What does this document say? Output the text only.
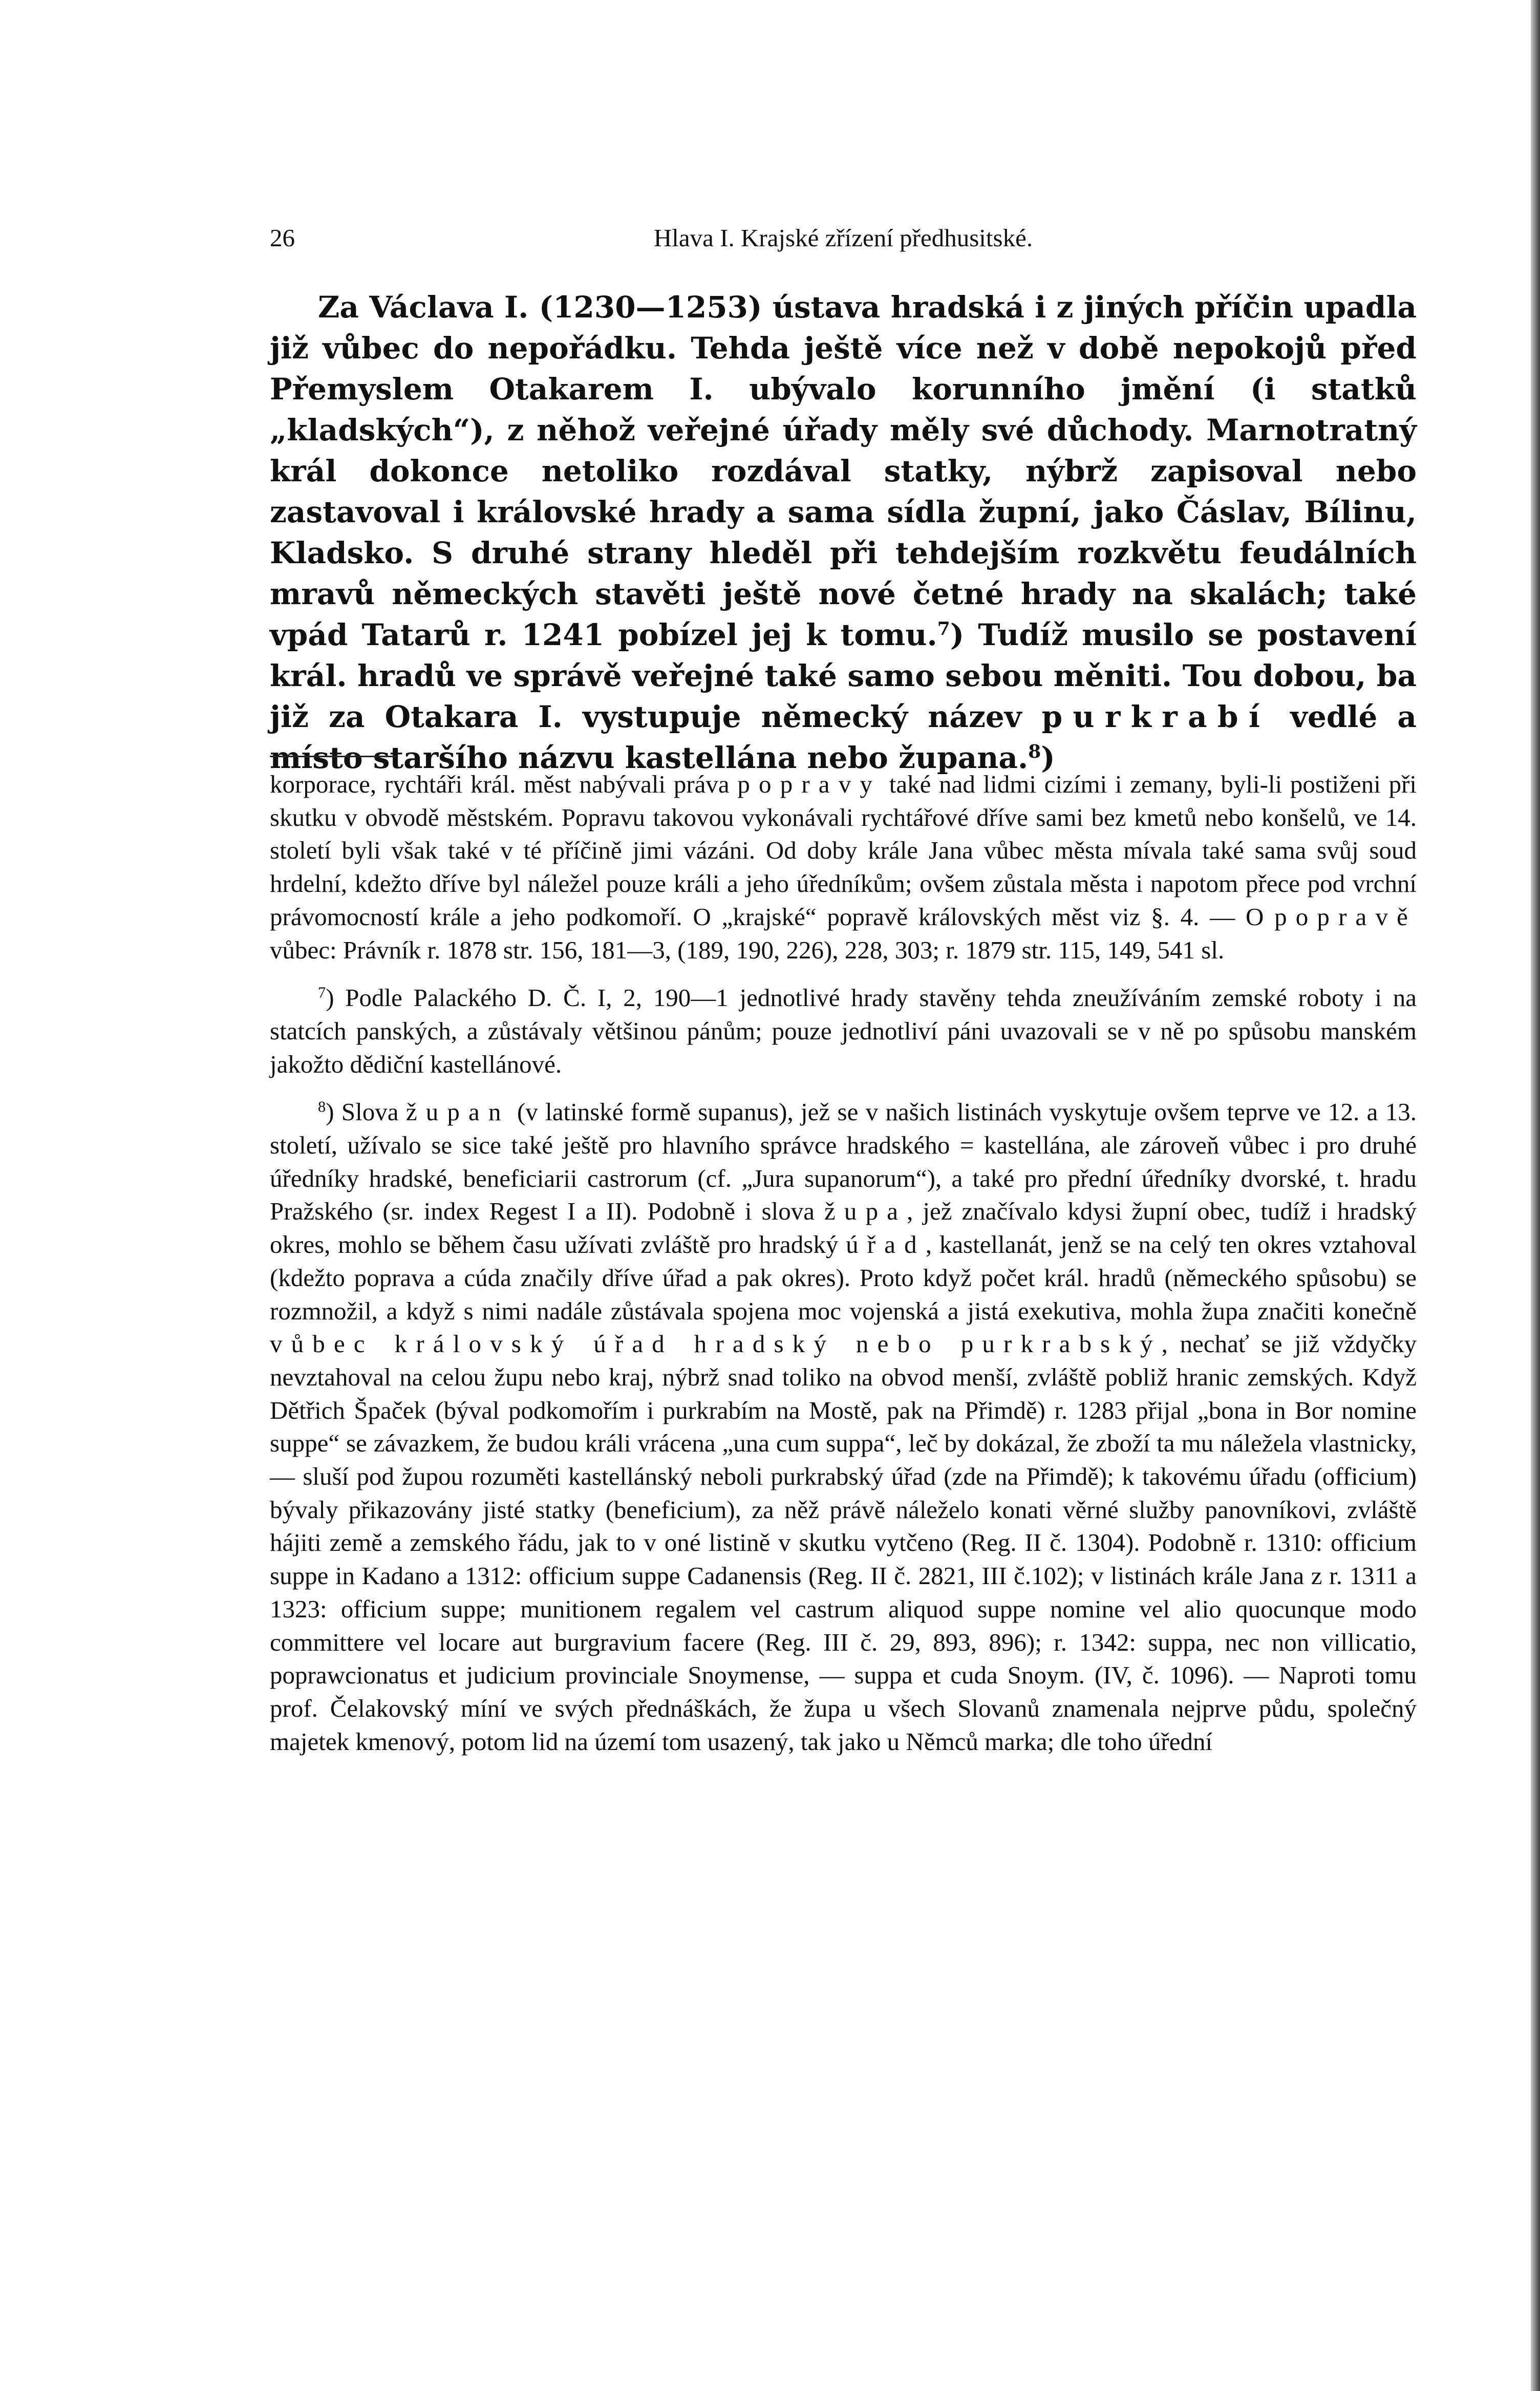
26	Hlava I. Krajské zřízení předhusitské.

Za Václava I. (1230—1253) ústava hradská i z jiných příčin upadla již vůbec do nepořádku. Tehda ještě více než v době nepokojů před Přemyslem Otakarem I. ubývalo korunního jmění (i statků „kladských“), z něhož veřejné úřady měly své důchody. Marnotratný král dokonce netoliko rozdával statky, nýbrž zapisoval nebo zastavoval i královské hrady a sama sídla župní, jako Čáslav, Bílinu, Kladsko. S druhé strany hleděl při tehdejším rozkvětu feudálních mravů německých stavěti ještě nové četné hrady na skalách; také vpád Tatarů r. 1241 pobízel jej k tomu.$^7$) Tudíž musilo se postavení král. hradů ve správě veřejné také samo sebou měniti. Tou dobou, ba již za Otakara I. vystupuje německý název purkrabí vedlé a místo staršího názvu kastellána nebo župana.$^8$)

korporace, rychtáři král. měst nabývali práva popravy také nad lidmi cizími i zemany, byli-li postiženi při skutku v obvodě městském. Popravu takovou vykonávali rychtářové dříve sami bez kmetů nebo konšelů, ve 14. století byli však také v té příčině jimi vázáni. Od doby krále Jana vůbec města mívala také sama svůj soud hrdelní, kdežto dříve byl náležel pouze králi a jeho úředníkům; ovšem zůstala města i napotom přece pod vrchní právomocností krále a jeho podkomoří. O „krajské“ popravě královských měst viz §. 4. — O popravě vůbec: Právník r. 1878 str. 156, 181—3, (189, 190, 226), 228, 303; r. 1879 str. 115, 149, 541 sl.

$^7$) Podle Palackého D. Č. I, 2, 190—1 jednotlivé hrady stavěny tehda zneužíváním zemské roboty i na statcích panských, a zůstávaly většinou pánům; pouze jednotliví páni uvazovali se v ně po spůsobu manském jakožto dědiční kastellánové.

$^8$) Slova župan (v latinské formě supanus), jež se v našich listinách vyskytuje ovšem teprve ve 12. a 13. století, užívalo se sice také ještě pro hlavního správce hradského = kastellána, ale zároveň vůbec i pro druhé úředníky hradské, beneficiarii castrorum (cf. „Jura supanorum“), a také pro přední úředníky dvorské, t. hradu Pražského (sr. index Regest I a II). Podobně i slova župa, jež značívalo kdysi župní obec, tudíž i hradský okres, mohlo se během času užívati zvláště pro hradský úřad, kastellanát, jenž se na celý ten okres vztahoval (kdežto poprava a cúda značily dříve úřad a pak okres). Proto když počet král. hradů (německého spůsobu) se rozmnožil, a když s nimi nadále zůstávala spojena moc vojenská a jistá exekutiva, mohla župa značiti konečně vůbec královský úřad hradský nebo purkrabský, nechať se již vždyčky nevztahoval na celou župu nebo kraj, nýbrž snad toliko na obvod menší, zvláště pobliž hranic zemských. Když Dětřich Špaček (býval podkomořím i purkrabím na Mostě, pak na Přimdě) r. 1283 přijal „bona in Bor nomine suppe“ se závazkem, že budou králi vrácena „una cum suppa“, leč by dokázal, že zboží ta mu náležela vlastnicky, — sluší pod župou rozuměti kastellánský neboli purkrabský úřad (zde na Přimdě); k takovému úřadu (officium) bývaly přikazovány jisté statky (beneficium), za něž právě náleželo konati věrné služby panovníkovi, zvláště hájiti země a zemského řádu, jak to v oné listině v skutku vytčeno (Reg. II č. 1304). Podobně r. 1310: officium suppe in Kadano a 1312: officium suppe Cadanensis (Reg. II č. 2821, III č.102); v listinách krále Jana z r. 1311 a 1323: officium suppe; munitionem regalem vel castrum aliquod suppe nomine vel alio quocunque modo committere vel locare aut burgravium facere (Reg. III č. 29, 893, 896); r. 1342: suppa, nec non villicatio, poprawcionatus et judicium provinciale Snoymense, — suppa et cuda Snoym. (IV, č. 1096). — Naproti tomu prof. Čelakovský míní ve svých přednáškách, že župa u všech Slovanů znamenala nejprve půdu, společný majetek kmenový, potom lid na území tom usazený, tak jako u Němců marka; dle toho úřední
